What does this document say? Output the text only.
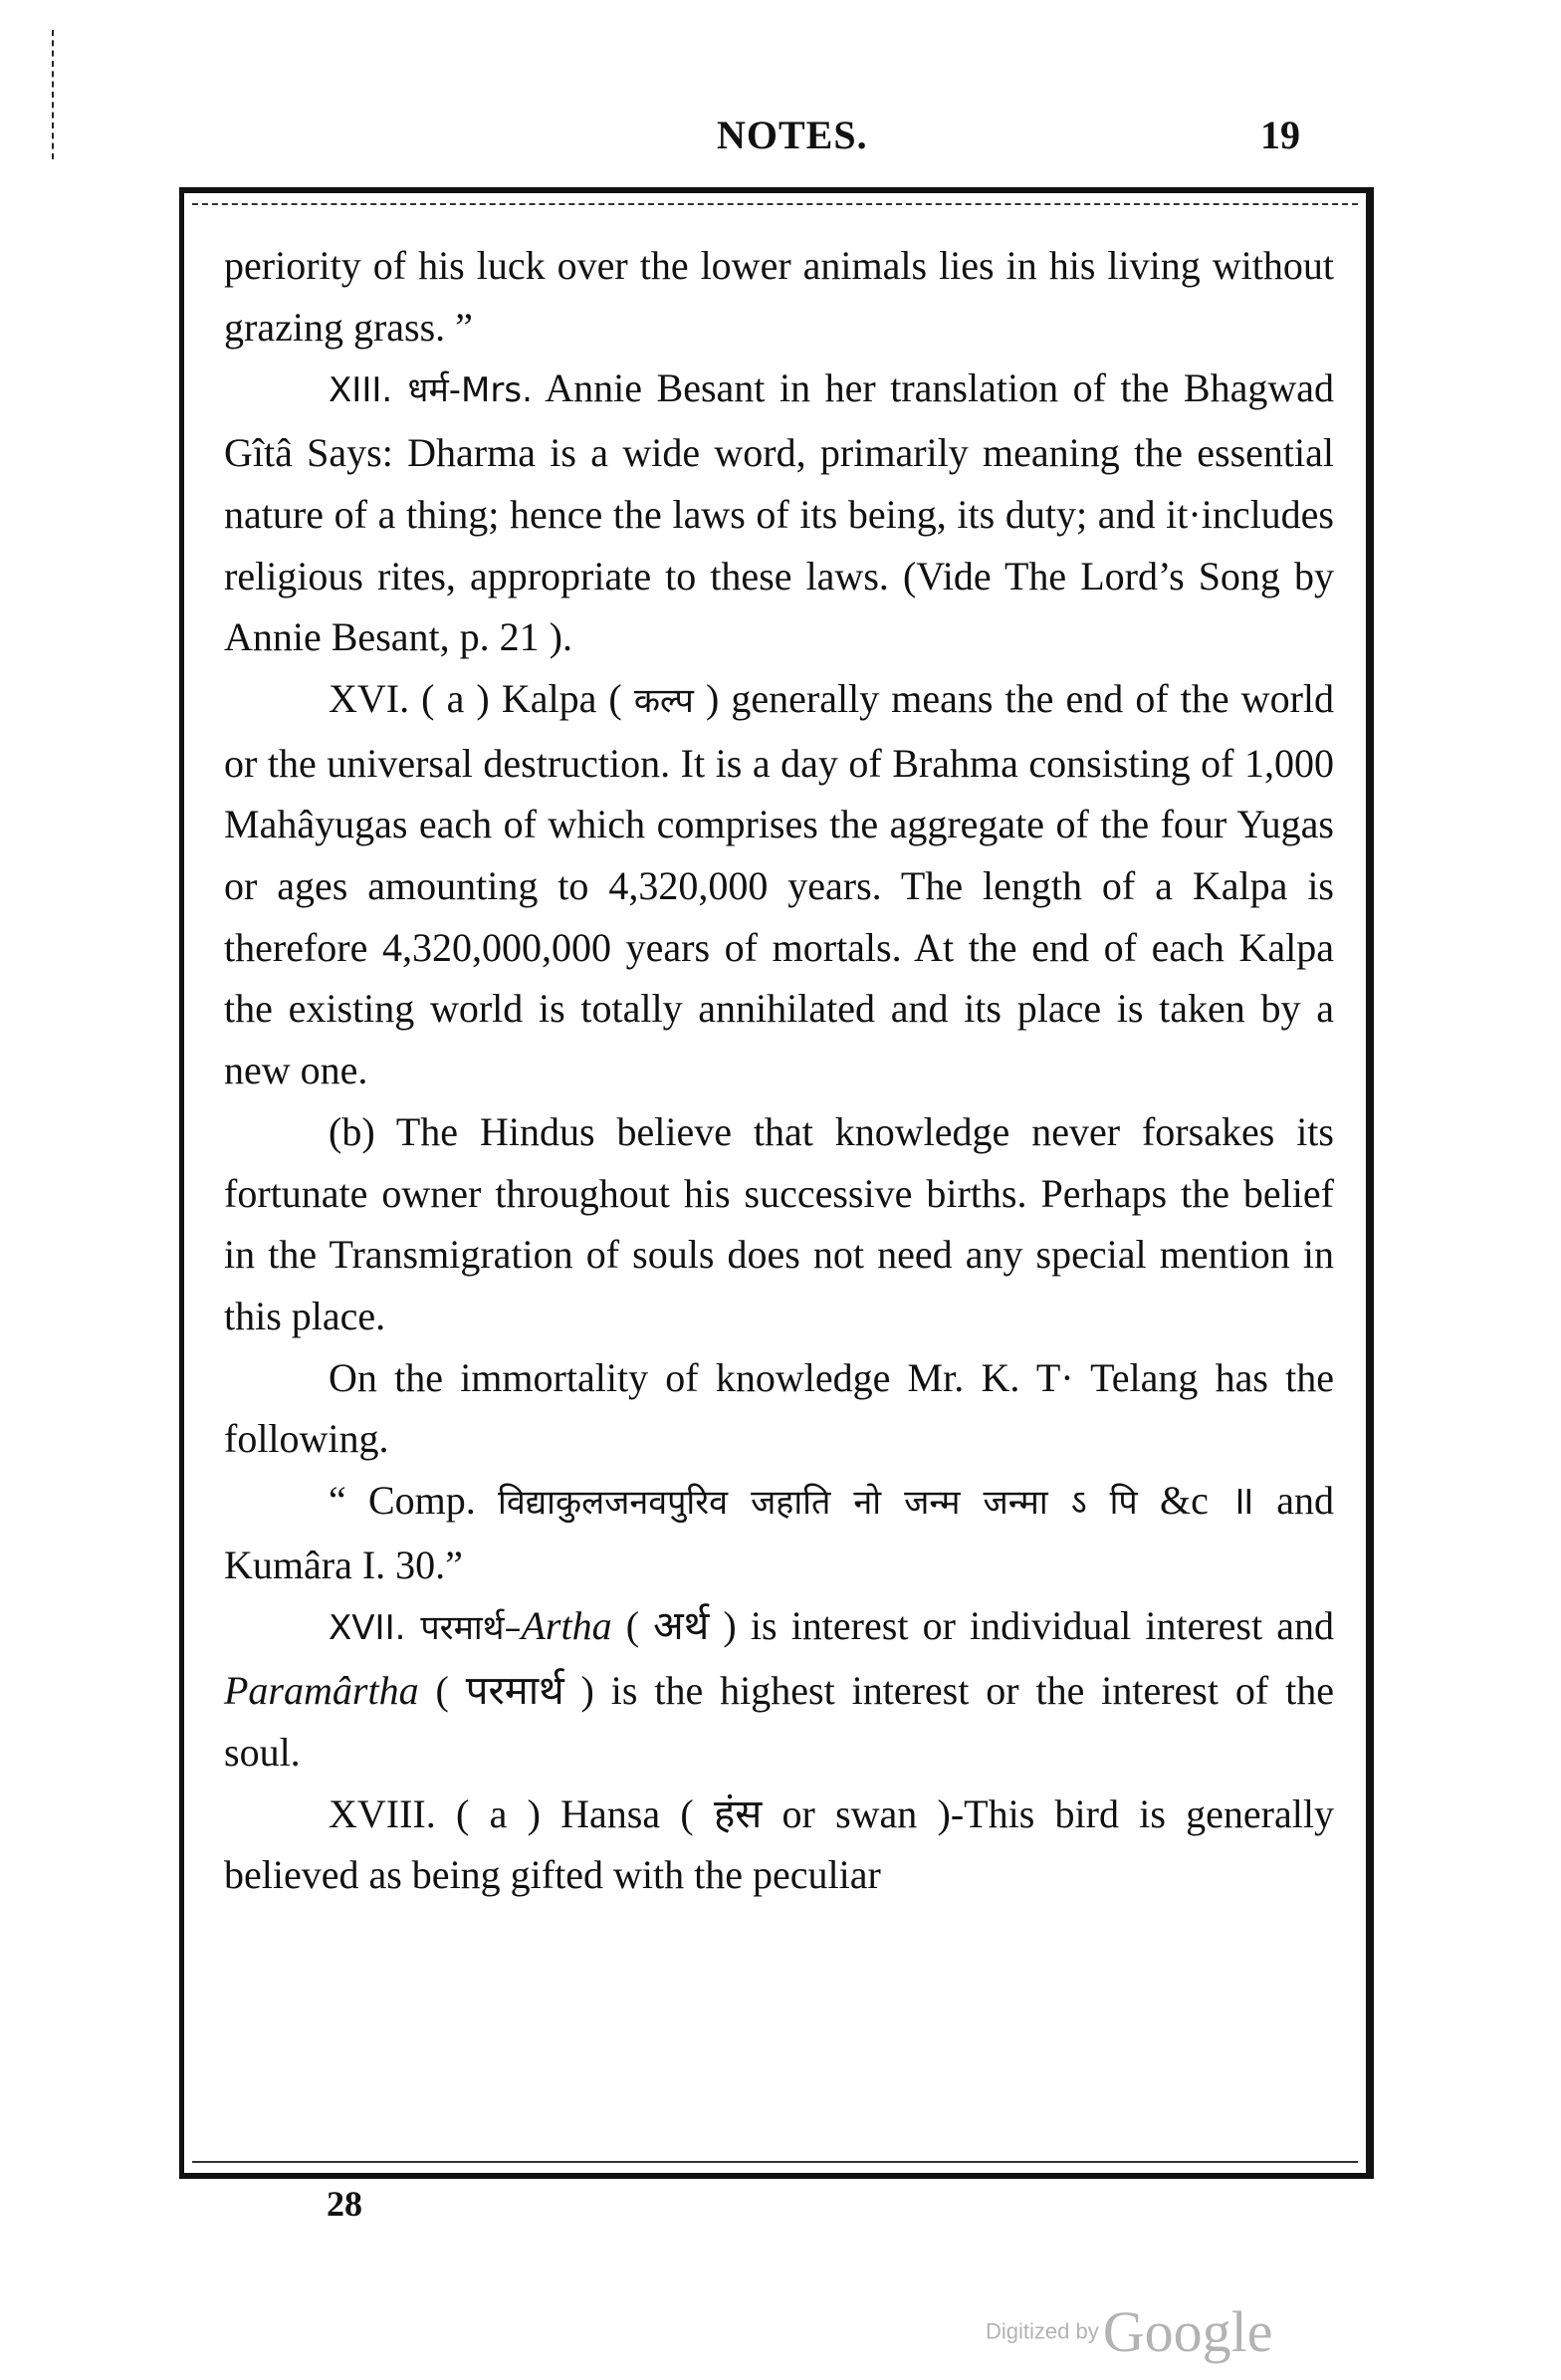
NOTES.	19

periority of his luck over the lower animals lies in his living without grazing grass. ”

XIII. धर्म-Mrs. Annie Besant in her translation of the Bhagwad Gîtâ Says: Dharma is a wide word, primarily meaning the essential nature of a thing; hence the laws of its being, its duty; and it·includes religious rites, appropriate to these laws. (Vide The Lord’s Song by Annie Besant, p. 21 ).

XVI. ( a ) Kalpa ( कल्प ) generally means the end of the world or the universal destruction. It is a day of Brahma consisting of 1,000 Mahâyugas each of which comprises the aggregate of the four Yugas or ages amounting to 4,320,000 years. The length of a Kalpa is therefore 4,320,000,000 years of mortals. At the end of each Kalpa the existing world is totally annihilated and its place is taken by a new one.

(b) The Hindus believe that knowledge never forsakes its fortunate owner throughout his successive births. Perhaps the belief in the Transmigration of souls does not need any special mention in this place.

On the immortality of knowledge Mr. K. T· Telang has the following.

“ Comp. विद्याकुलजनवपुरिव जहाति नो जन्म जन्मा ऽ पि &c ॥ and Kumâra I. 30.”

XVII. परमार्थ–Artha ( अर्थ ) is interest or individual interest and Paramârtha ( परमार्थ ) is the highest interest or the interest of the soul.

XVIII. ( a ) Hansa ( हंस or swan )-This bird is generally believed as being gifted with the peculiar

28
Digitized by Google
